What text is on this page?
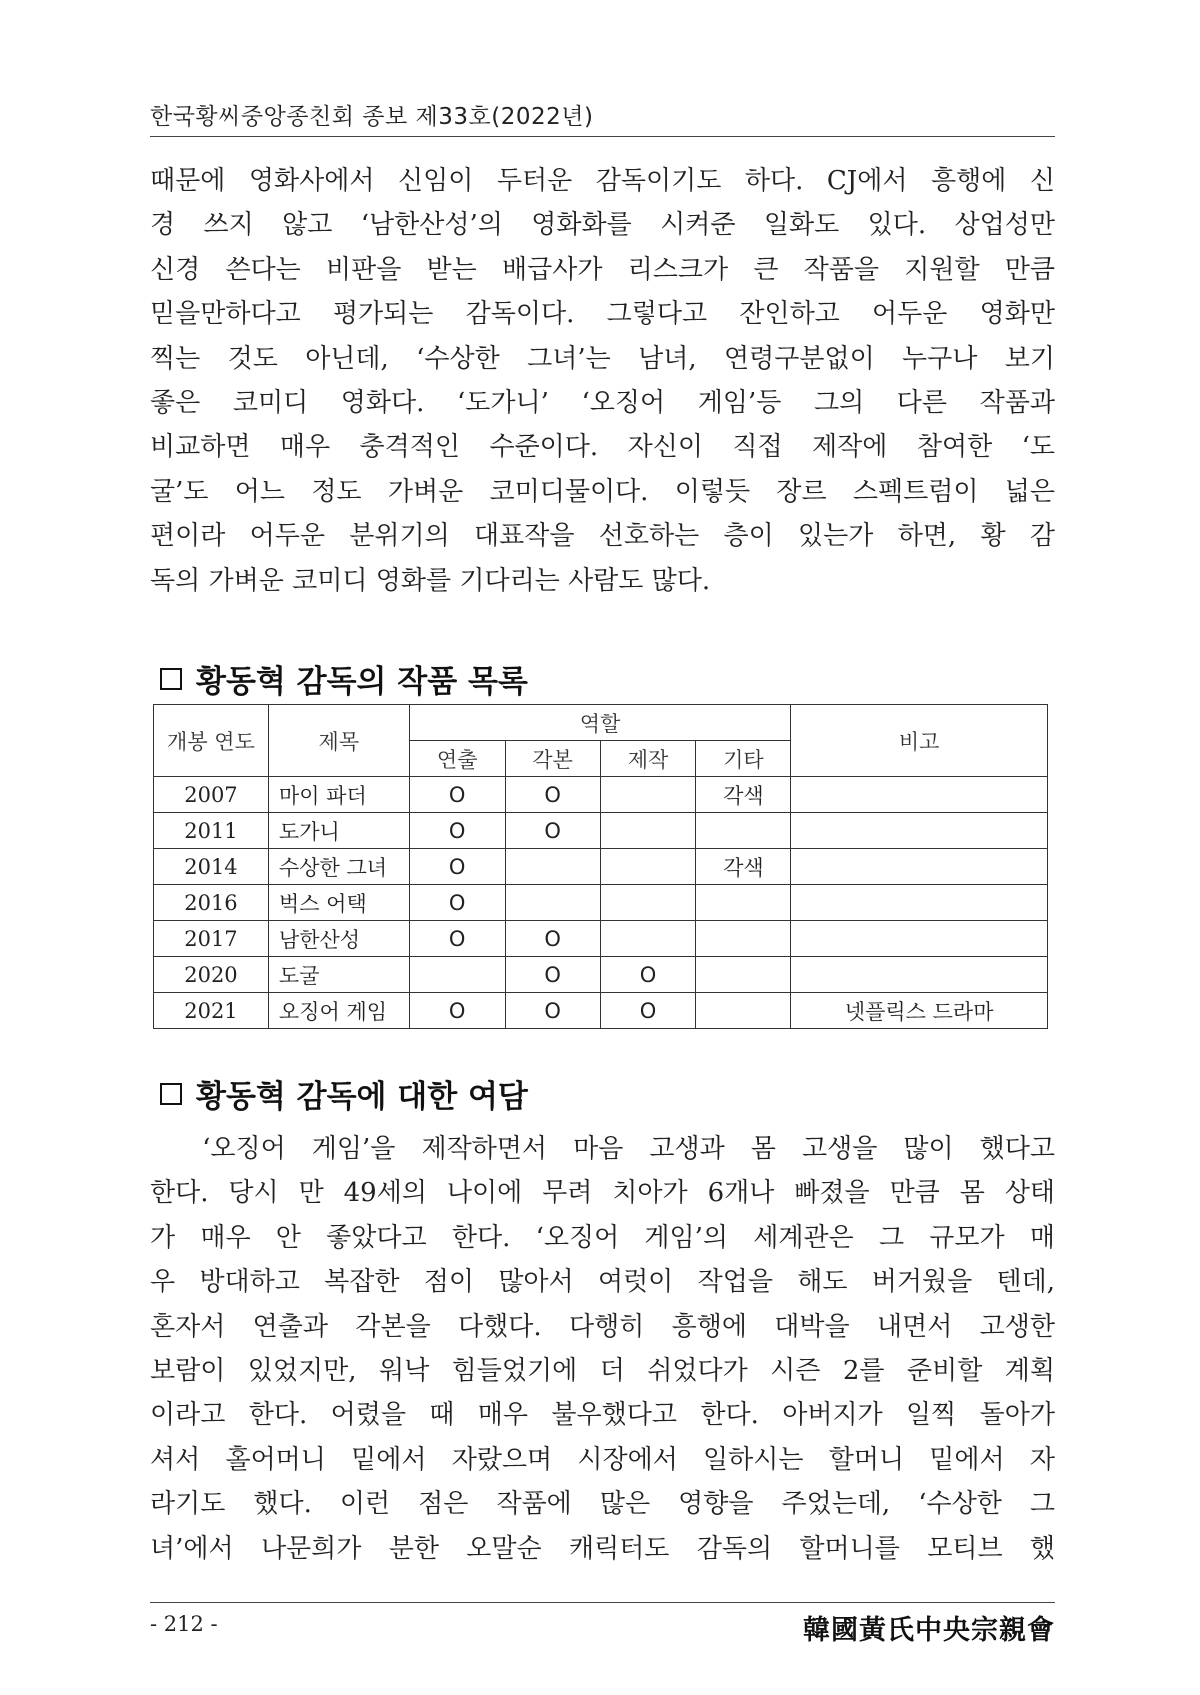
한국황씨중앙종친회 종보 제33호(2022년)
때문에 영화사에서 신임이 두터운 감독이기도 하다. CJ에서 흥행에 신
경 쓰지 않고 ‘남한산성’의 영화화를 시켜준 일화도 있다. 상업성만
신경 쓴다는 비판을 받는 배급사가 리스크가 큰 작품을 지원할 만큼
믿을만하다고 평가되는 감독이다. 그렇다고 잔인하고 어두운 영화만
찍는 것도 아닌데, ‘수상한 그녀’는 남녀, 연령구분없이 누구나 보기
좋은 코미디 영화다. ‘도가니’ ‘오징어 게임’등 그의 다른 작품과
비교하면 매우 충격적인 수준이다. 자신이 직접 제작에 참여한 ‘도
굴’도 어느 정도 가벼운 코미디물이다. 이렇듯 장르 스펙트럼이 넓은
편이라 어두운 분위기의 대표작을 선호하는 층이 있는가 하면, 황 감
독의 가벼운 코미디 영화를 기다리는 사람도 많다.
황동혁 감독의 작품 목록
개봉 연도	제목	역할				비고
		연출	각본	제작	기타	
2007	마이 파더	O	O		각색	
2011	도가니	O	O			
2014	수상한 그녀	O			각색	
2016	벅스 어택	O				
2017	남한산성	O	O			
2020	도굴		O	O		
2021	오징어 게임	O	O	O		넷플릭스 드라마
황동혁 감독에 대한 여담
‘오징어 게임’을 제작하면서 마음 고생과 몸 고생을 많이 했다고
한다. 당시 만 49세의 나이에 무려 치아가 6개나 빠졌을 만큼 몸 상태
가 매우 안 좋았다고 한다. ‘오징어 게임’의 세계관은 그 규모가 매
우 방대하고 복잡한 점이 많아서 여럿이 작업을 해도 버거웠을 텐데,
혼자서 연출과 각본을 다했다. 다행히 흥행에 대박을 내면서 고생한
보람이 있었지만, 워낙 힘들었기에 더 쉬었다가 시즌 2를 준비할 계획
이라고 한다. 어렸을 때 매우 불우했다고 한다. 아버지가 일찍 돌아가
셔서 홀어머니 밑에서 자랐으며 시장에서 일하시는 할머니 밑에서 자
라기도 했다. 이런 점은 작품에 많은 영향을 주었는데, ‘수상한 그
녀’에서 나문희가 분한 오말순 캐릭터도 감독의 할머니를 모티브 했
- 212 -	韓國黃氏中央宗親會
